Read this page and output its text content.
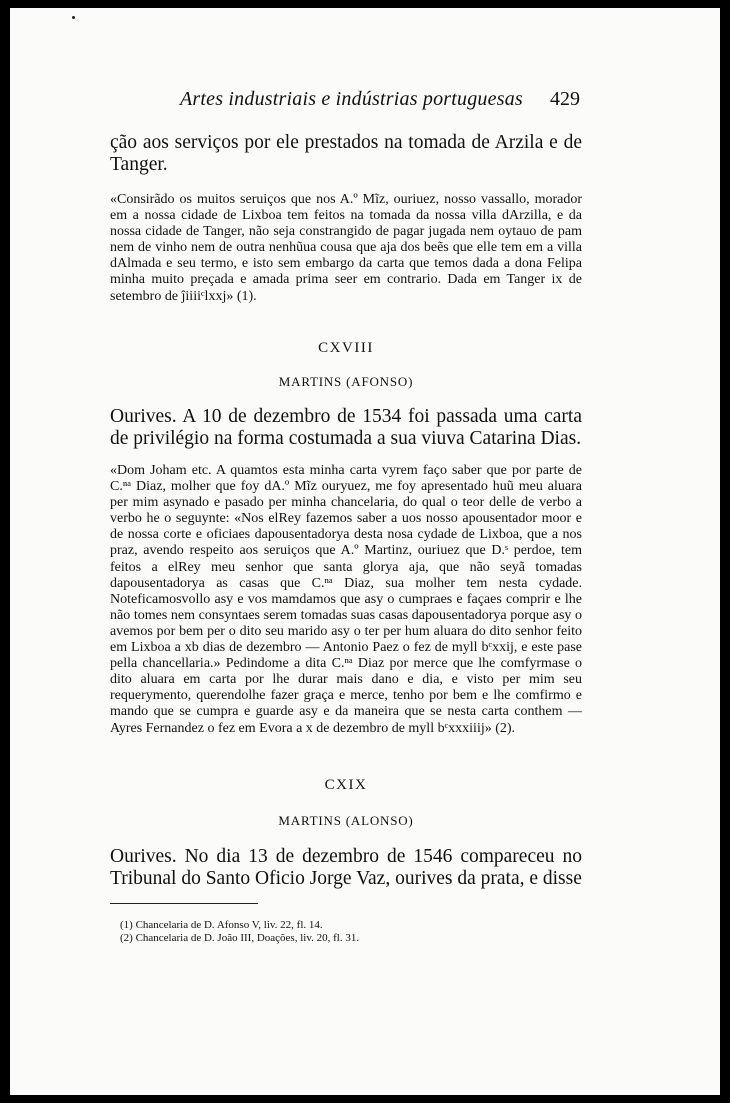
Artes industriais e indústrias portuguesas 429

ção aos serviços por ele prestados na tomada de Arzila e de Tanger.

«Consirãdo os muitos seruiços que nos A.º Mĩz, ouriuez, nosso vassallo, morador em a nossa cidade de Lixboa tem feitos na tomada da nossa villa dArzilla, e da nossa cidade de Tanger, não seja constrangido de pagar jugada nem oytauo de pam nem de vinho nem de outra nenhũua cousa que aja dos beẽs que elle tem em a villa dAlmada e seu termo, e isto sem embargo da carta que temos dada a dona Felipa minha muito preçada e amada prima seer em contrario. Dada em Tanger ix de setembro de ĵiiiiᶜlxxj» (1).

CXVIII
MARTINS (AFONSO)

Ourives. A 10 de dezembro de 1534 foi passada uma carta de privilégio na forma costumada a sua viuva Catarina Dias.

«Dom Joham etc. A quamtos esta minha carta vyrem faço saber que por parte de C.ⁿᵃ Diaz, molher que foy dA.º Mĩz ouryuez, me foy apresentado huũ meu aluara per mim asynado e pasado per minha chancelaria, do qual o teor delle de verbo a verbo he o seguynte: «Nos elRey fazemos saber a uos nosso apousentador moor e de nossa corte e oficiaes dapousentadorya desta nosa cydade de Lixboa, que a nos praz, avendo respeito aos seruiços que A.º Martinz, ouriuez que D.ˢ perdoe, tem feitos a elRey meu senhor que santa glorya aja, que não seyã tomadas dapousentadorya as casas que C.ⁿᵃ Diaz, sua molher tem nesta cydade. Noteficamosvollo asy e vos mamdamos que asy o cumpraes e façaes comprir e lhe não tomes nem consyntaes serem tomadas suas casas dapousentadorya porque asy o avemos por bem per o dito seu marido asy o ter per hum aluara do dito senhor feito em Lixboa a xb dias de dezembro — Antonio Paez o fez de myll bᶜxxij, e este pase pella chancellaria.» Pedindome a dita C.ⁿᵃ Diaz por merce que lhe comfyrmase o dito aluara em carta por lhe durar mais dano e dia, e visto per mim seu requerymento, querendolhe fazer graça e merce, tenho por bem e lhe comfirmo e mando que se cumpra e guarde asy e da maneira que se nesta carta conthem — Ayres Fernandez o fez em Evora a x de dezembro de myll bᶜxxxiiij» (2).

CXIX
MARTINS (ALONSO)

Ourives. No dia 13 de dezembro de 1546 compareceu no Tribunal do Santo Oficio Jorge Vaz, ourives da prata, e disse

(1) Chancelaria de D. Afonso V, liv. 22, fl. 14.

(2) Chancelaria de D. João III, Doações, liv. 20, fl. 31.
